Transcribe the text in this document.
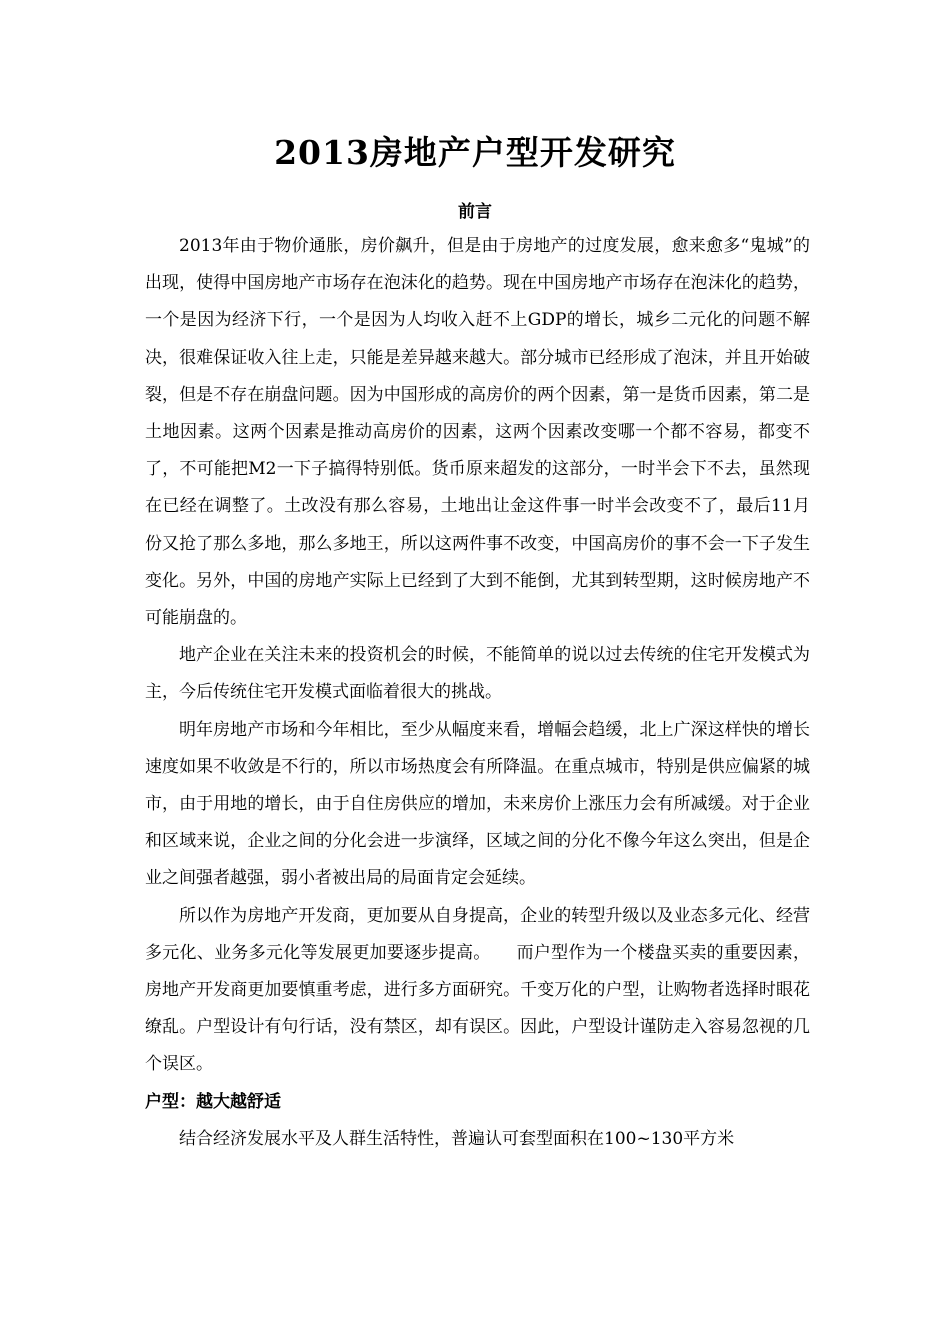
2013房地产户型开发研究
前言

2013年由于物价通胀，房价飙升，但是由于房地产的过度发展，愈来愈多“鬼城”的出现，使得中国房地产市场存在泡沫化的趋势。现在中国房地产市场存在泡沫化的趋势，一个是因为经济下行，一个是因为人均收入赶不上GDP的增长，城乡二元化的问题不解决，很难保证收入往上走，只能是差异越来越大。部分城市已经形成了泡沫，并且开始破裂，但是不存在崩盘问题。因为中国形成的高房价的两个因素，第一是货币因素，第二是土地因素。这两个因素是推动高房价的因素，这两个因素改变哪一个都不容易，都变不了，不可能把M2一下子搞得特别低。货币原来超发的这部分，一时半会下不去，虽然现在已经在调整了。土改没有那么容易，土地出让金这件事一时半会改变不了，最后11月份又抢了那么多地，那么多地王，所以这两件事不改变，中国高房价的事不会一下子发生变化。另外，中国的房地产实际上已经到了大到不能倒，尤其到转型期，这时候房地产不可能崩盘的。

地产企业在关注未来的投资机会的时候，不能简单的说以过去传统的住宅开发模式为主，今后传统住宅开发模式面临着很大的挑战。

明年房地产市场和今年相比，至少从幅度来看，增幅会趋缓，北上广深这样快的增长速度如果不收敛是不行的，所以市场热度会有所降温。在重点城市，特别是供应偏紧的城市，由于用地的增长，由于自住房供应的增加，未来房价上涨压力会有所减缓。对于企业和区域来说，企业之间的分化会进一步演绎，区域之间的分化不像今年这么突出，但是企业之间强者越强，弱小者被出局的局面肯定会延续。

所以作为房地产开发商，更加要从自身提高，企业的转型升级以及业态多元化、经营多元化、业务多元化等发展更加要逐步提高。　　而户型作为一个楼盘买卖的重要因素，房地产开发商更加要慎重考虑，进行多方面研究。千变万化的户型，让购物者选择时眼花缭乱。户型设计有句行话，没有禁区，却有误区。因此，户型设计谨防走入容易忽视的几个误区。

户型：越大越舒适

结合经济发展水平及人群生活特性，普遍认可套型面积在100~130平方米
